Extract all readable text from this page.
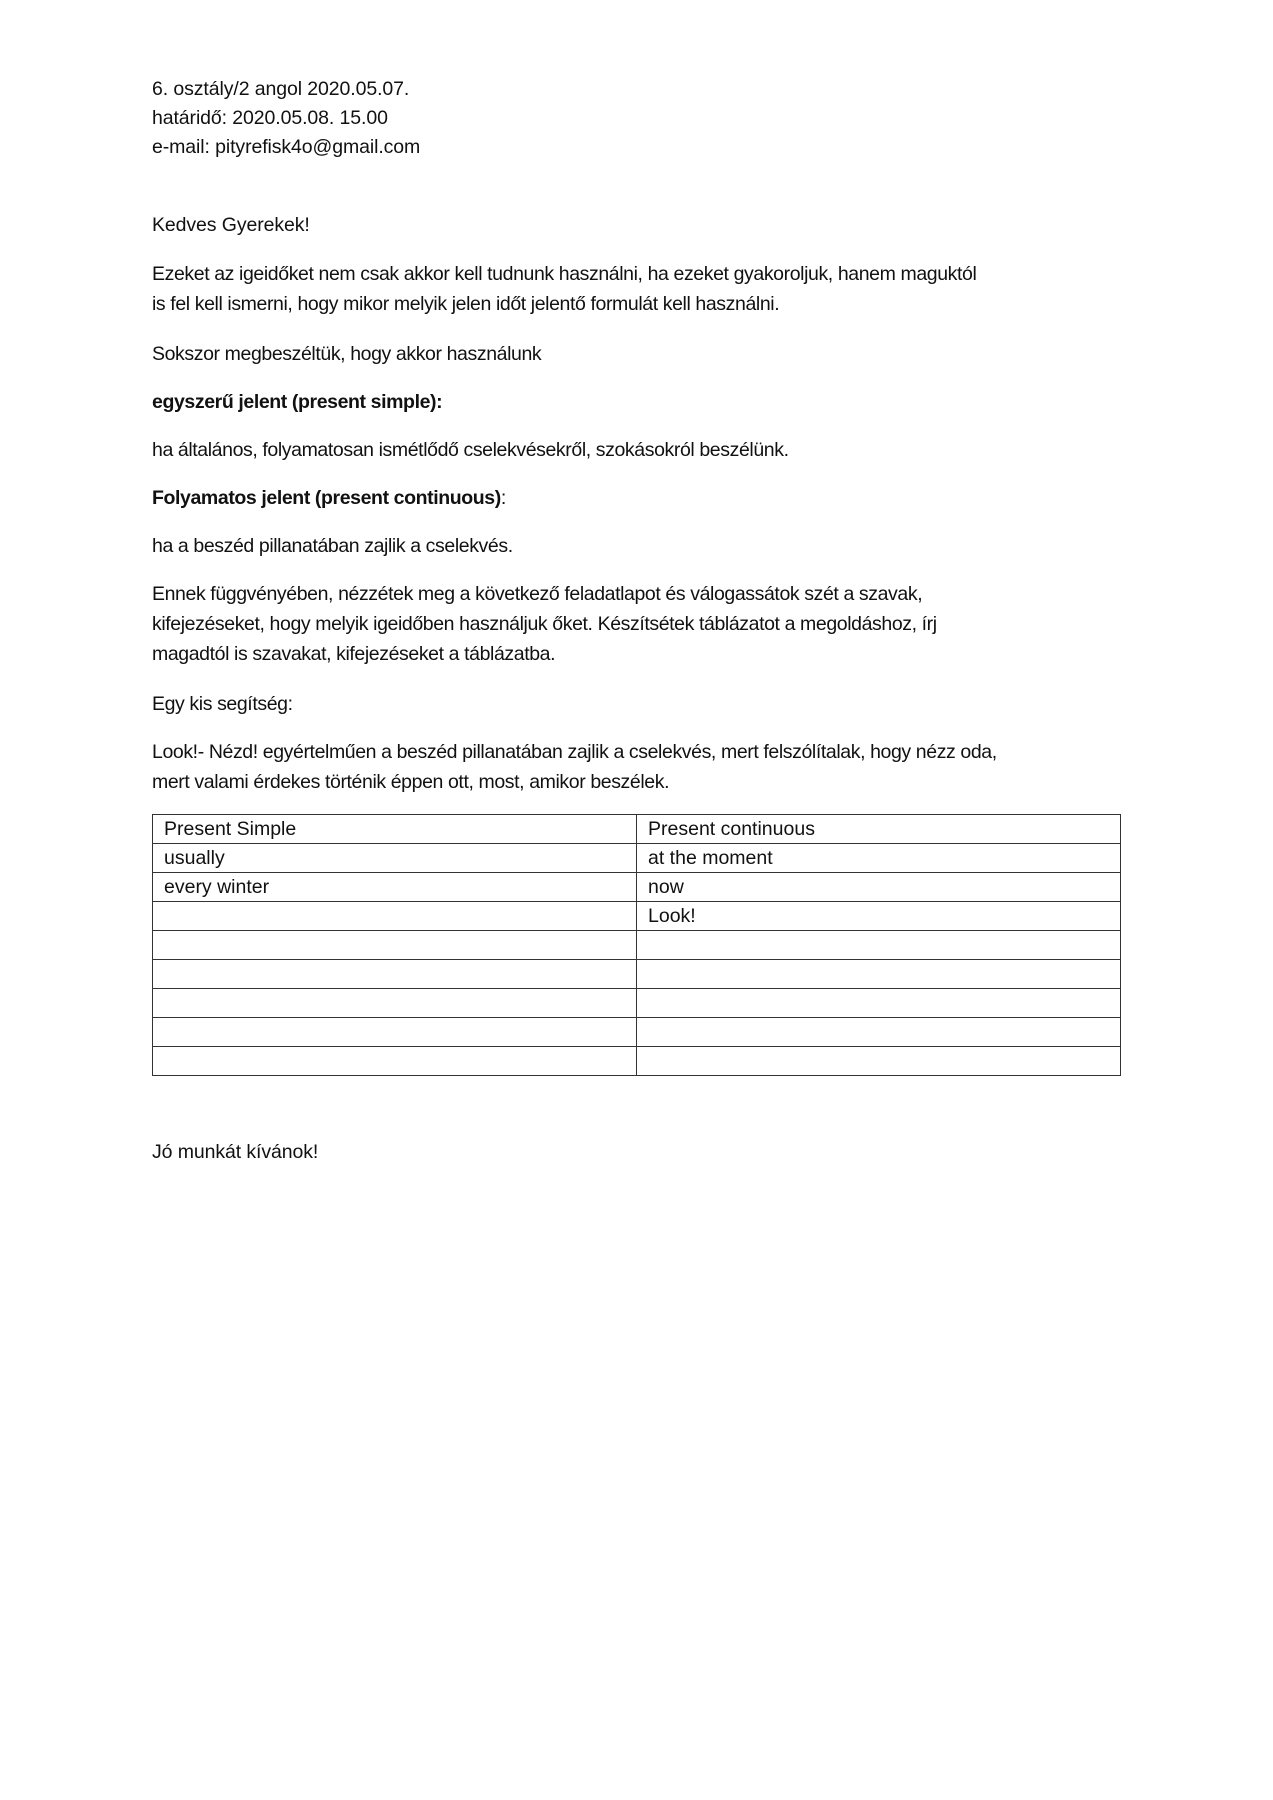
6. osztály/2 angol 2020.05.07.
határidő: 2020.05.08. 15.00
e-mail: pityrefisk4o@gmail.com
Kedves Gyerekek!
Ezeket az igeidőket nem csak akkor kell tudnunk használni, ha ezeket gyakoroljuk, hanem maguktól
is fel kell ismerni, hogy mikor melyik jelen időt jelentő formulát kell használni.
Sokszor megbeszéltük, hogy akkor használunk
egyszerű jelent (present simple):
ha általános, folyamatosan ismétlődő cselekvésekről, szokásokról beszélünk.
Folyamatos jelent (present continuous):
ha a beszéd pillanatában zajlik a cselekvés.
Ennek függvényében, nézzétek meg a következő feladatlapot és válogassátok szét a szavak,
kifejezéseket, hogy melyik igeidőben használjuk őket. Készítsétek táblázatot a megoldáshoz, írj
magadtól is szavakat, kifejezéseket a táblázatba.
Egy kis segítség:
Look!- Nézd! egyértelműen a beszéd pillanatában zajlik a cselekvés, mert felszólítalak, hogy nézz oda,
mert valami érdekes történik éppen ott, most, amikor beszélek.
Present Simple	Present continuous
usually	at the moment
every winter	now
	Look!

Jó munkát kívánok!
